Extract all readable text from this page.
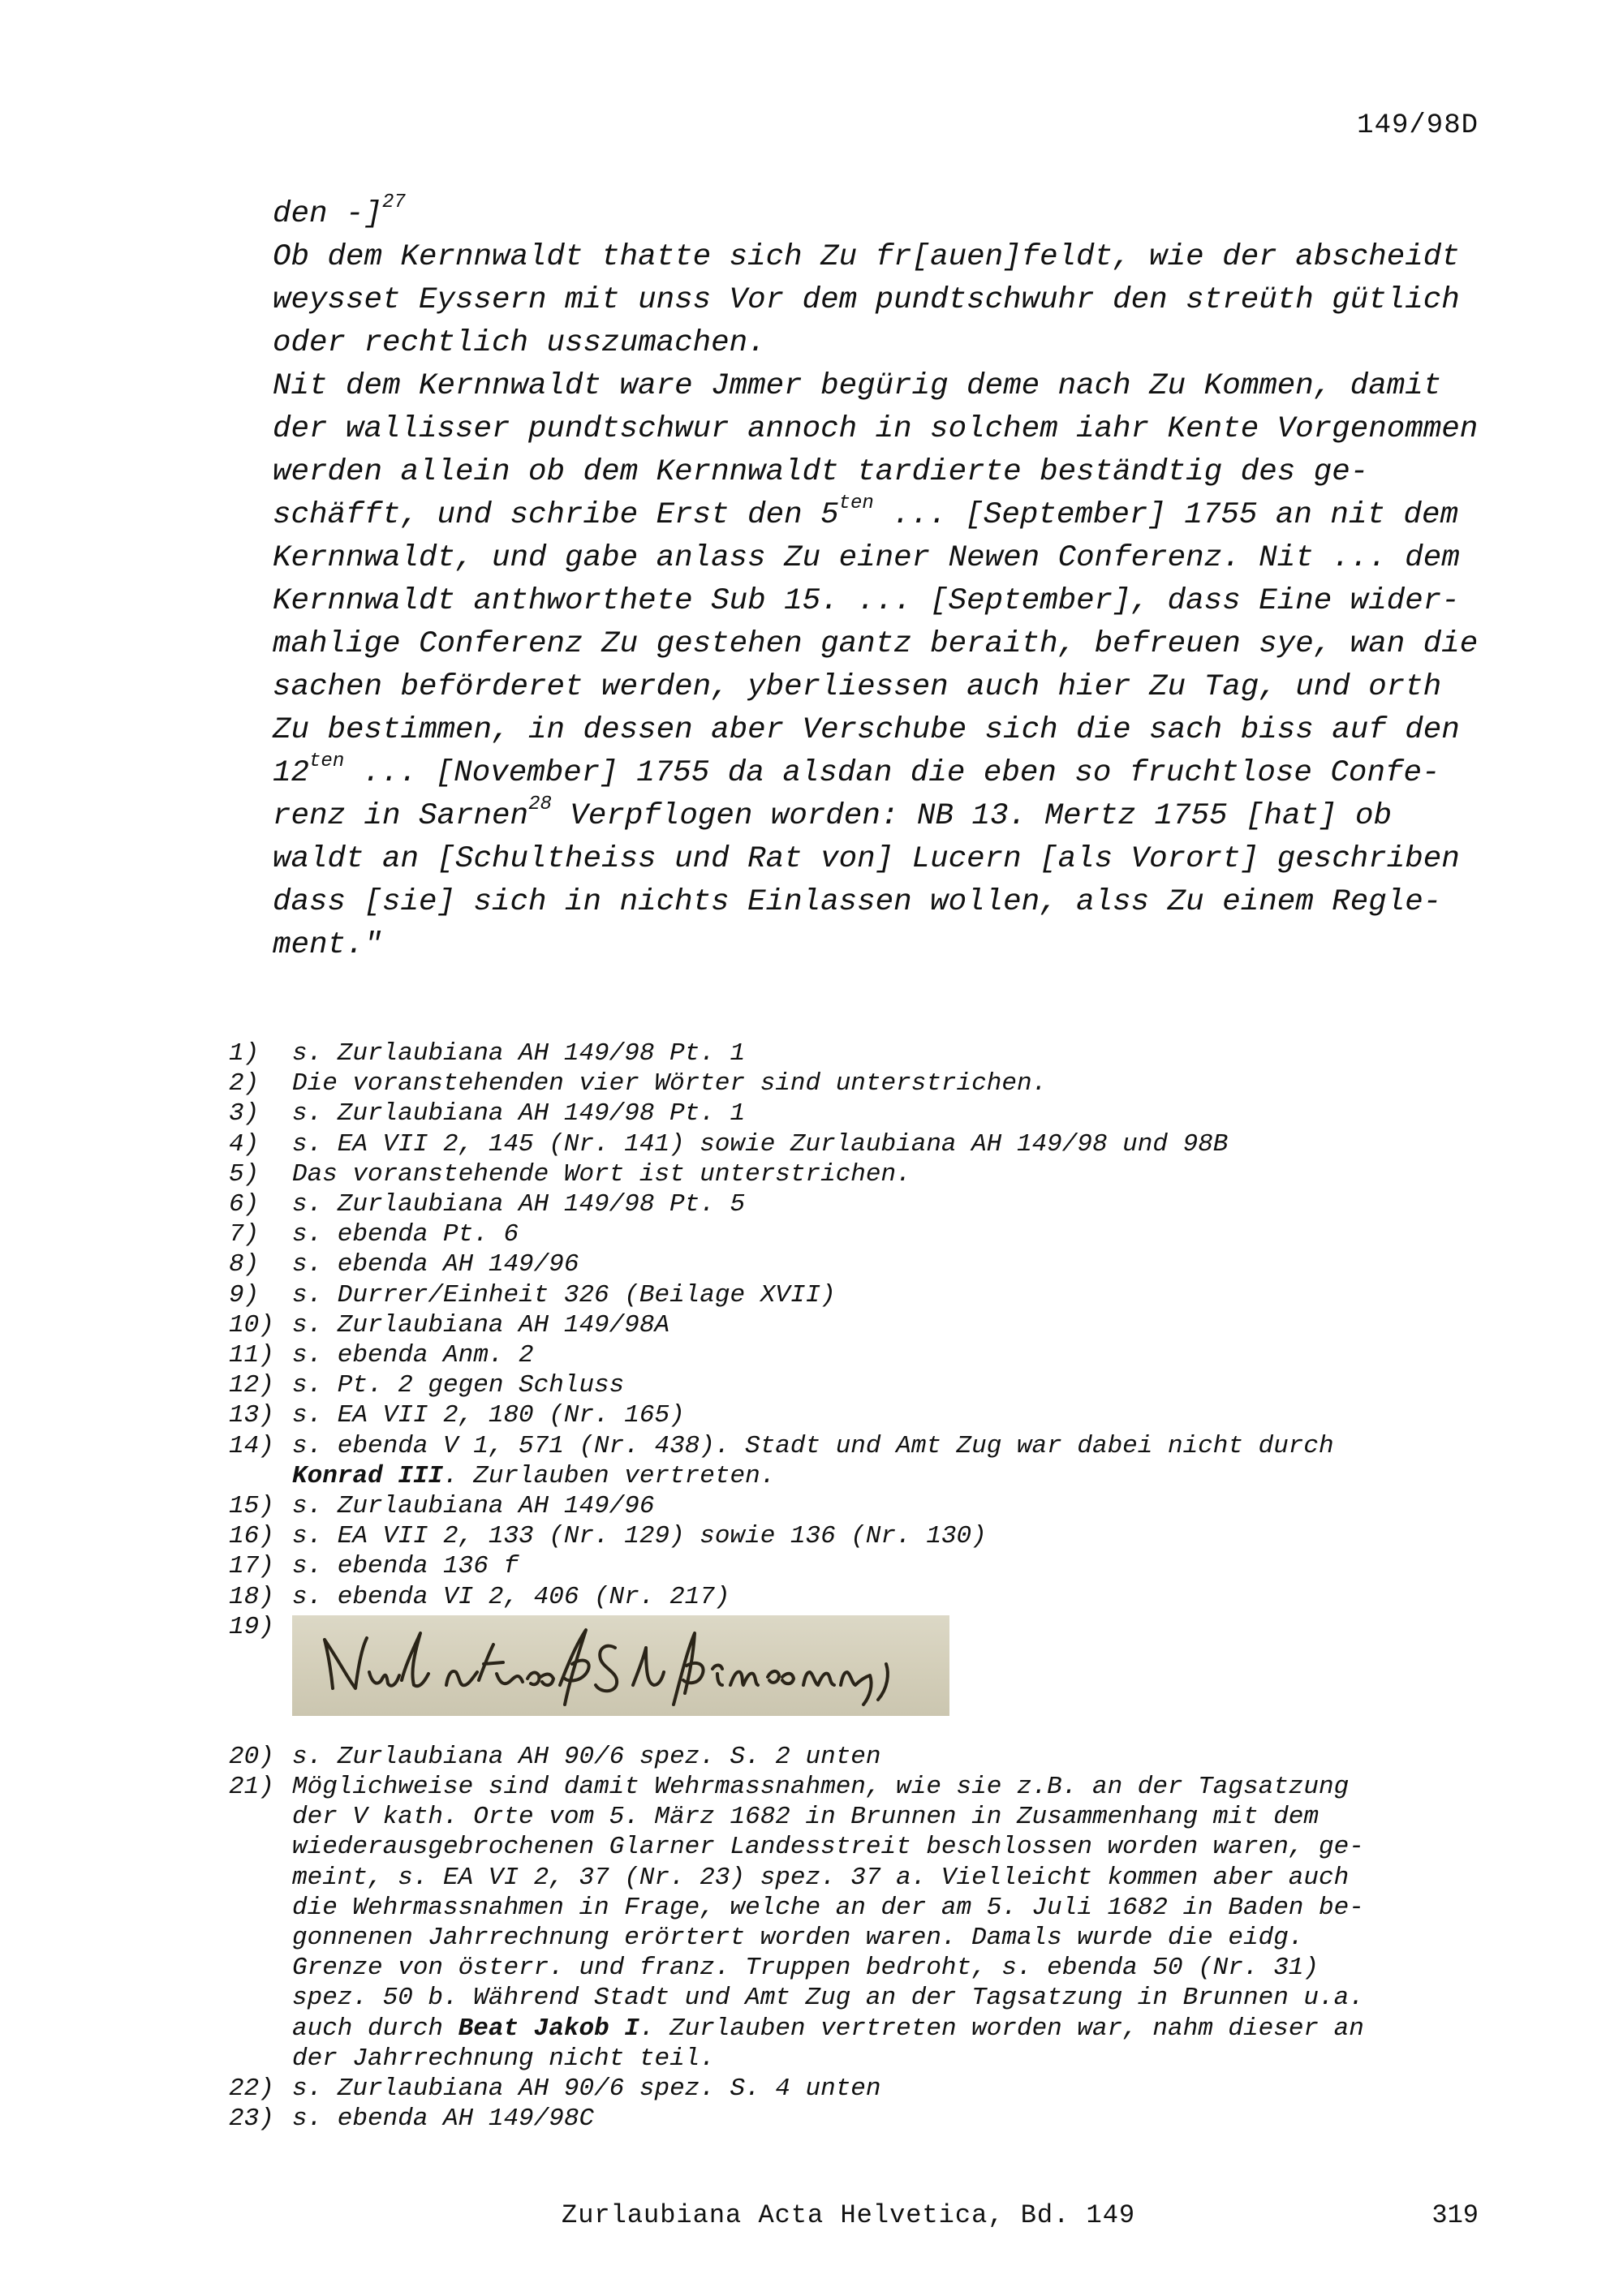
149/98D
den -]$^{27}$
Ob dem Kernnwaldt thatte sich Zu fr[auen]feldt, wie der abscheidt
weysset Eyssern mit unss Vor dem pundtschwuhr den streüth gütlich
oder rechtlich usszumachen.
Nit dem Kernnwaldt ware Jmmer begürig deme nach Zu Kommen, damit
der wallisser pundtschwur annoch in solchem iahr Kente Vorgenommen
werden allein ob dem Kernnwaldt tardierte beständtig des ge-
schäfft, und schribe Erst den $5^{ten}$ ... [September] 1755 an nit dem
Kernnwaldt, und gabe anlass Zu einer Newen Conferenz. Nit ... dem
Kernnwaldt anthworthete Sub 15. ... [September], dass Eine wider-
mahlige Conferenz Zu gestehen gantz beraith, befreuen sye, wan die
sachen beförderet werden, yberliessen auch hier Zu Tag, und orth
Zu bestimmen, in dessen aber Verschube sich die sach biss auf den
$12^{ten}$ ... [November] 1755 da alsdan die eben so fruchtlose Confe-
renz in Sarnen$^{28}$ Verpflogen worden: NB 13. Mertz 1755 [hat] ob
waldt an [Schultheiss und Rat von] Lucern [als Vorort] geschriben
dass [sie] sich in nichts Einlassen wollen, alss Zu einem Regle-
ment."
1)	s. Zurlaubiana AH 149/98 Pt. 1
2)	Die voranstehenden vier Wörter sind unterstrichen.
3)	s. Zurlaubiana AH 149/98 Pt. 1
4)	s. EA VII 2, 145 (Nr. 141) sowie Zurlaubiana AH 149/98 und 98B
5)	Das voranstehende Wort ist unterstrichen.
6)	s. Zurlaubiana AH 149/98 Pt. 5
7)	s. ebenda Pt. 6
8)	s. ebenda AH 149/96
9)	s. Durrer/Einheit 326 (Beilage XVII)
10) s. Zurlaubiana AH 149/98A
11) s. ebenda Anm. 2
12) s. Pt. 2 gegen Schluss
13) s. EA VII 2, 180 (Nr. 165)
14) s. ebenda V 1, 571 (Nr. 438). Stadt und Amt Zug war dabei nicht durch
Konrad III. Zurlauben vertreten.
15) s. Zurlaubiana AH 149/96
16) s. EA VII 2, 133 (Nr. 129) sowie 136 (Nr. 130)
17) s. ebenda 136 f
18) s. ebenda VI 2, 406 (Nr. 217)
19)
20) s. Zurlaubiana AH 90/6 spez. S. 2 unten
21) Möglichweise sind damit Wehrmassnahmen, wie sie z.B. an der Tagsatzung
der V kath. Orte vom 5. März 1682 in Brunnen in Zusammenhang mit dem
wiederausgebrochenen Glarner Landesstreit beschlossen worden waren, ge-
meint, s. EA VI 2, 37 (Nr. 23) spez. 37 a. Vielleicht kommen aber auch
die Wehrmassnahmen in Frage, welche an der am 5. Juli 1682 in Baden be-
gonnenen Jahrrechnung erörtert worden waren. Damals wurde die eidg.
Grenze von österr. und franz. Truppen bedroht, s. ebenda 50 (Nr. 31)
spez. 50 b. Während Stadt und Amt Zug an der Tagsatzung in Brunnen u.a.
auch durch Beat Jakob I. Zurlauben vertreten worden war, nahm dieser an
der Jahrrechnung nicht teil.
22) s. Zurlaubiana AH 90/6 spez. S. 4 unten
23) s. ebenda AH 149/98C
Zurlaubiana Acta Helvetica, Bd. 149	319
